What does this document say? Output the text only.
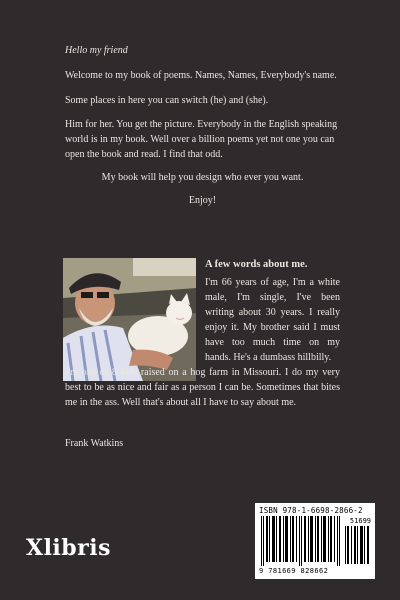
Hello my friend

Welcome to my book of poems. Names, Names, Everybody's name.

Some places in here you can switch (he) and (she).

Him for her. You get the picture. Everybody in the English speaking world is in my book. Well over a billion poems yet not one you can open the book and read. I find that odd.

My book will help you design who ever you want.

Enjoy!

A few words about me.

I'm 66 years of age, I'm a white male, I'm single, I've been writing about 30 years. I really enjoy it. My brother said I must have too much time on my hands. He's a dumbass hillbilly.

I'm one of 8 kids raised on a hog farm in Missouri. I do my very best to be as nice and fair as a person I can be. Sometimes that bites me in the ass. Well that's about all I have to say about me.

Frank Watkins
Xlibris
ISBN 978-1-6698-2866-2
51699
9 781669 828662
